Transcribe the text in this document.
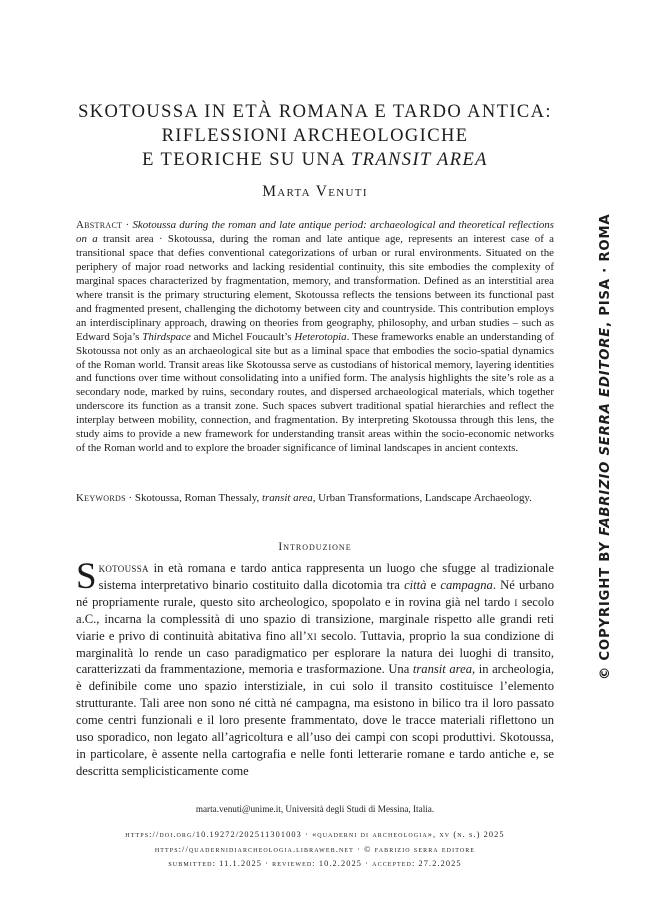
SKOTOUSSA IN ETÀ ROMANA E TARDO ANTICA:
RIFLESSIONI ARCHEOLOGICHE
E TEORICHE SU UNA TRANSIT AREA
Marta Venuti
Abstract · Skotoussa during the roman and late antique period: archaeological and theoretical reflections on a transit area · Skotoussa, during the roman and late antique age, represents an interest case of a transitional space that defies conventional categorizations of urban or rural environments. Situated on the periphery of major road networks and lacking residential continuity, this site embodies the complexity of marginal spaces characterized by fragmentation, memory, and transformation. Defined as an interstitial area where transit is the primary structuring element, Skotoussa reflects the tensions between its functional past and fragmented present, challenging the dichotomy between city and countryside. This contribution employs an interdisciplinary approach, drawing on theories from geography, philosophy, and urban studies – such as Edward Soja’s Thirdspace and Michel Foucault’s Heterotopia. These frameworks enable an understanding of Skotoussa not only as an archaeological site but as a liminal space that embodies the socio-spatial dynamics of the Roman world. Transit areas like Skotoussa serve as custodians of historical memory, layering identities and functions over time without consolidating into a unified form. The analysis highlights the site’s role as a secondary node, marked by ruins, secondary routes, and dispersed archaeological materials, which together underscore its function as a transit zone. Such spaces subvert traditional spatial hierarchies and reflect the interplay between mobility, connection, and fragmentation. By interpreting Skotoussa through this lens, the study aims to provide a new framework for understanding transit areas within the socio-economic networks of the Roman world and to explore the broader significance of liminal landscapes in ancient contexts.
Keywords · Skotoussa, Roman Thessaly, transit area, Urban Transformations, Landscape Archaeology.
Introduzione
Skotoussa in età romana e tardo antica rappresenta un luogo che sfugge al tradizionale sistema interpretativo binario costituito dalla dicotomia tra città e campagna. Né urbano né propriamente rurale, questo sito archeologico, spopolato e in rovina già nel tardo i secolo a.C., incarna la complessità di uno spazio di transizione, marginale rispetto alle grandi reti viarie e privo di continuità abitativa fino all’xi secolo. Tuttavia, proprio la sua condizione di marginalità lo rende un caso paradigmatico per esplorare la natura dei luoghi di transito, caratterizzati da frammentazione, memoria e trasformazione. Una transit area, in archeologia, è definibile come uno spazio interstiziale, in cui solo il transito costituisce l’elemento strutturante. Tali aree non sono né città né campagna, ma esistono in bilico tra il loro passato come centri funzionali e il loro presente frammentato, dove le tracce materiali riflettono un uso sporadico, non legato all’agricoltura e all’uso dei campi con scopi produttivi. Skotoussa, in particolare, è assente nella cartografia e nelle fonti letterarie romane e tardo antiche e, se descritta semplicisticamente come
marta.venuti@unime.it, Università degli Studi di Messina, Italia.
https://doi.org/10.19272/202511301003 · «quaderni di archeologia», xv (n. s.) 2025
https://quadernidiarcheologia.libraweb.net · © fabrizio serra editore
submitted: 11.1.2025 · reviewed: 10.2.2025 · accepted: 27.2.2025
© COPYRIGHT BY FABRIZIO SERRA EDITORE, PISA · ROMA
